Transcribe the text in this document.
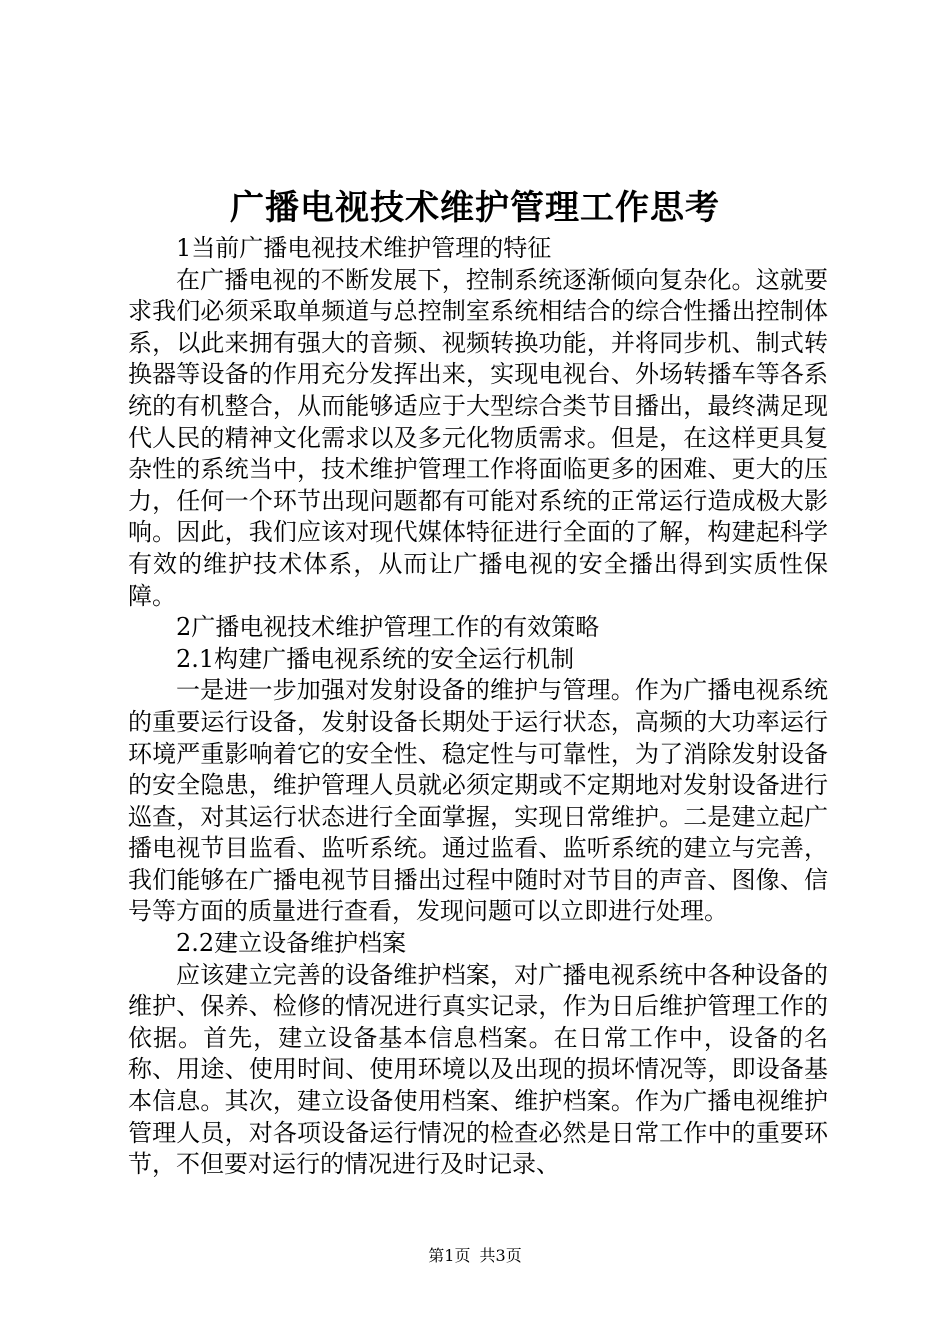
广播电视技术维护管理工作思考

1当前广播电视技术维护管理的特征

在广播电视的不断发展下，控制系统逐渐倾向复杂化。这就要求我们必须采取单频道与总控制室系统相结合的综合性播出控制体系，以此来拥有强大的音频、视频转换功能，并将同步机、制式转换器等设备的作用充分发挥出来，实现电视台、外场转播车等各系统的有机整合，从而能够适应于大型综合类节目播出，最终满足现代人民的精神文化需求以及多元化物质需求。但是，在这样更具复杂性的系统当中，技术维护管理工作将面临更多的困难、更大的压力，任何一个环节出现问题都有可能对系统的正常运行造成极大影响。因此，我们应该对现代媒体特征进行全面的了解，构建起科学有效的维护技术体系，从而让广播电视的安全播出得到实质性保障。

2广播电视技术维护管理工作的有效策略

2.1构建广播电视系统的安全运行机制

一是进一步加强对发射设备的维护与管理。作为广播电视系统的重要运行设备，发射设备长期处于运行状态，高频的大功率运行环境严重影响着它的安全性、稳定性与可靠性，为了消除发射设备的安全隐患，维护管理人员就必须定期或不定期地对发射设备进行巡查，对其运行状态进行全面掌握，实现日常维护。二是建立起广播电视节目监看、监听系统。通过监看、监听系统的建立与完善，我们能够在广播电视节目播出过程中随时对节目的声音、图像、信号等方面的质量进行查看，发现问题可以立即进行处理。

2.2建立设备维护档案

应该建立完善的设备维护档案，对广播电视系统中各种设备的维护、保养、检修的情况进行真实记录，作为日后维护管理工作的依据。首先，建立设备基本信息档案。在日常工作中，设备的名称、用途、使用时间、使用环境以及出现的损坏情况等，即设备基本信息。其次，建立设备使用档案、维护档案。作为广播电视维护管理人员，对各项设备运行情况的检查必然是日常工作中的重要环节，不但要对运行的情况进行及时记录、

第1页 共3页
